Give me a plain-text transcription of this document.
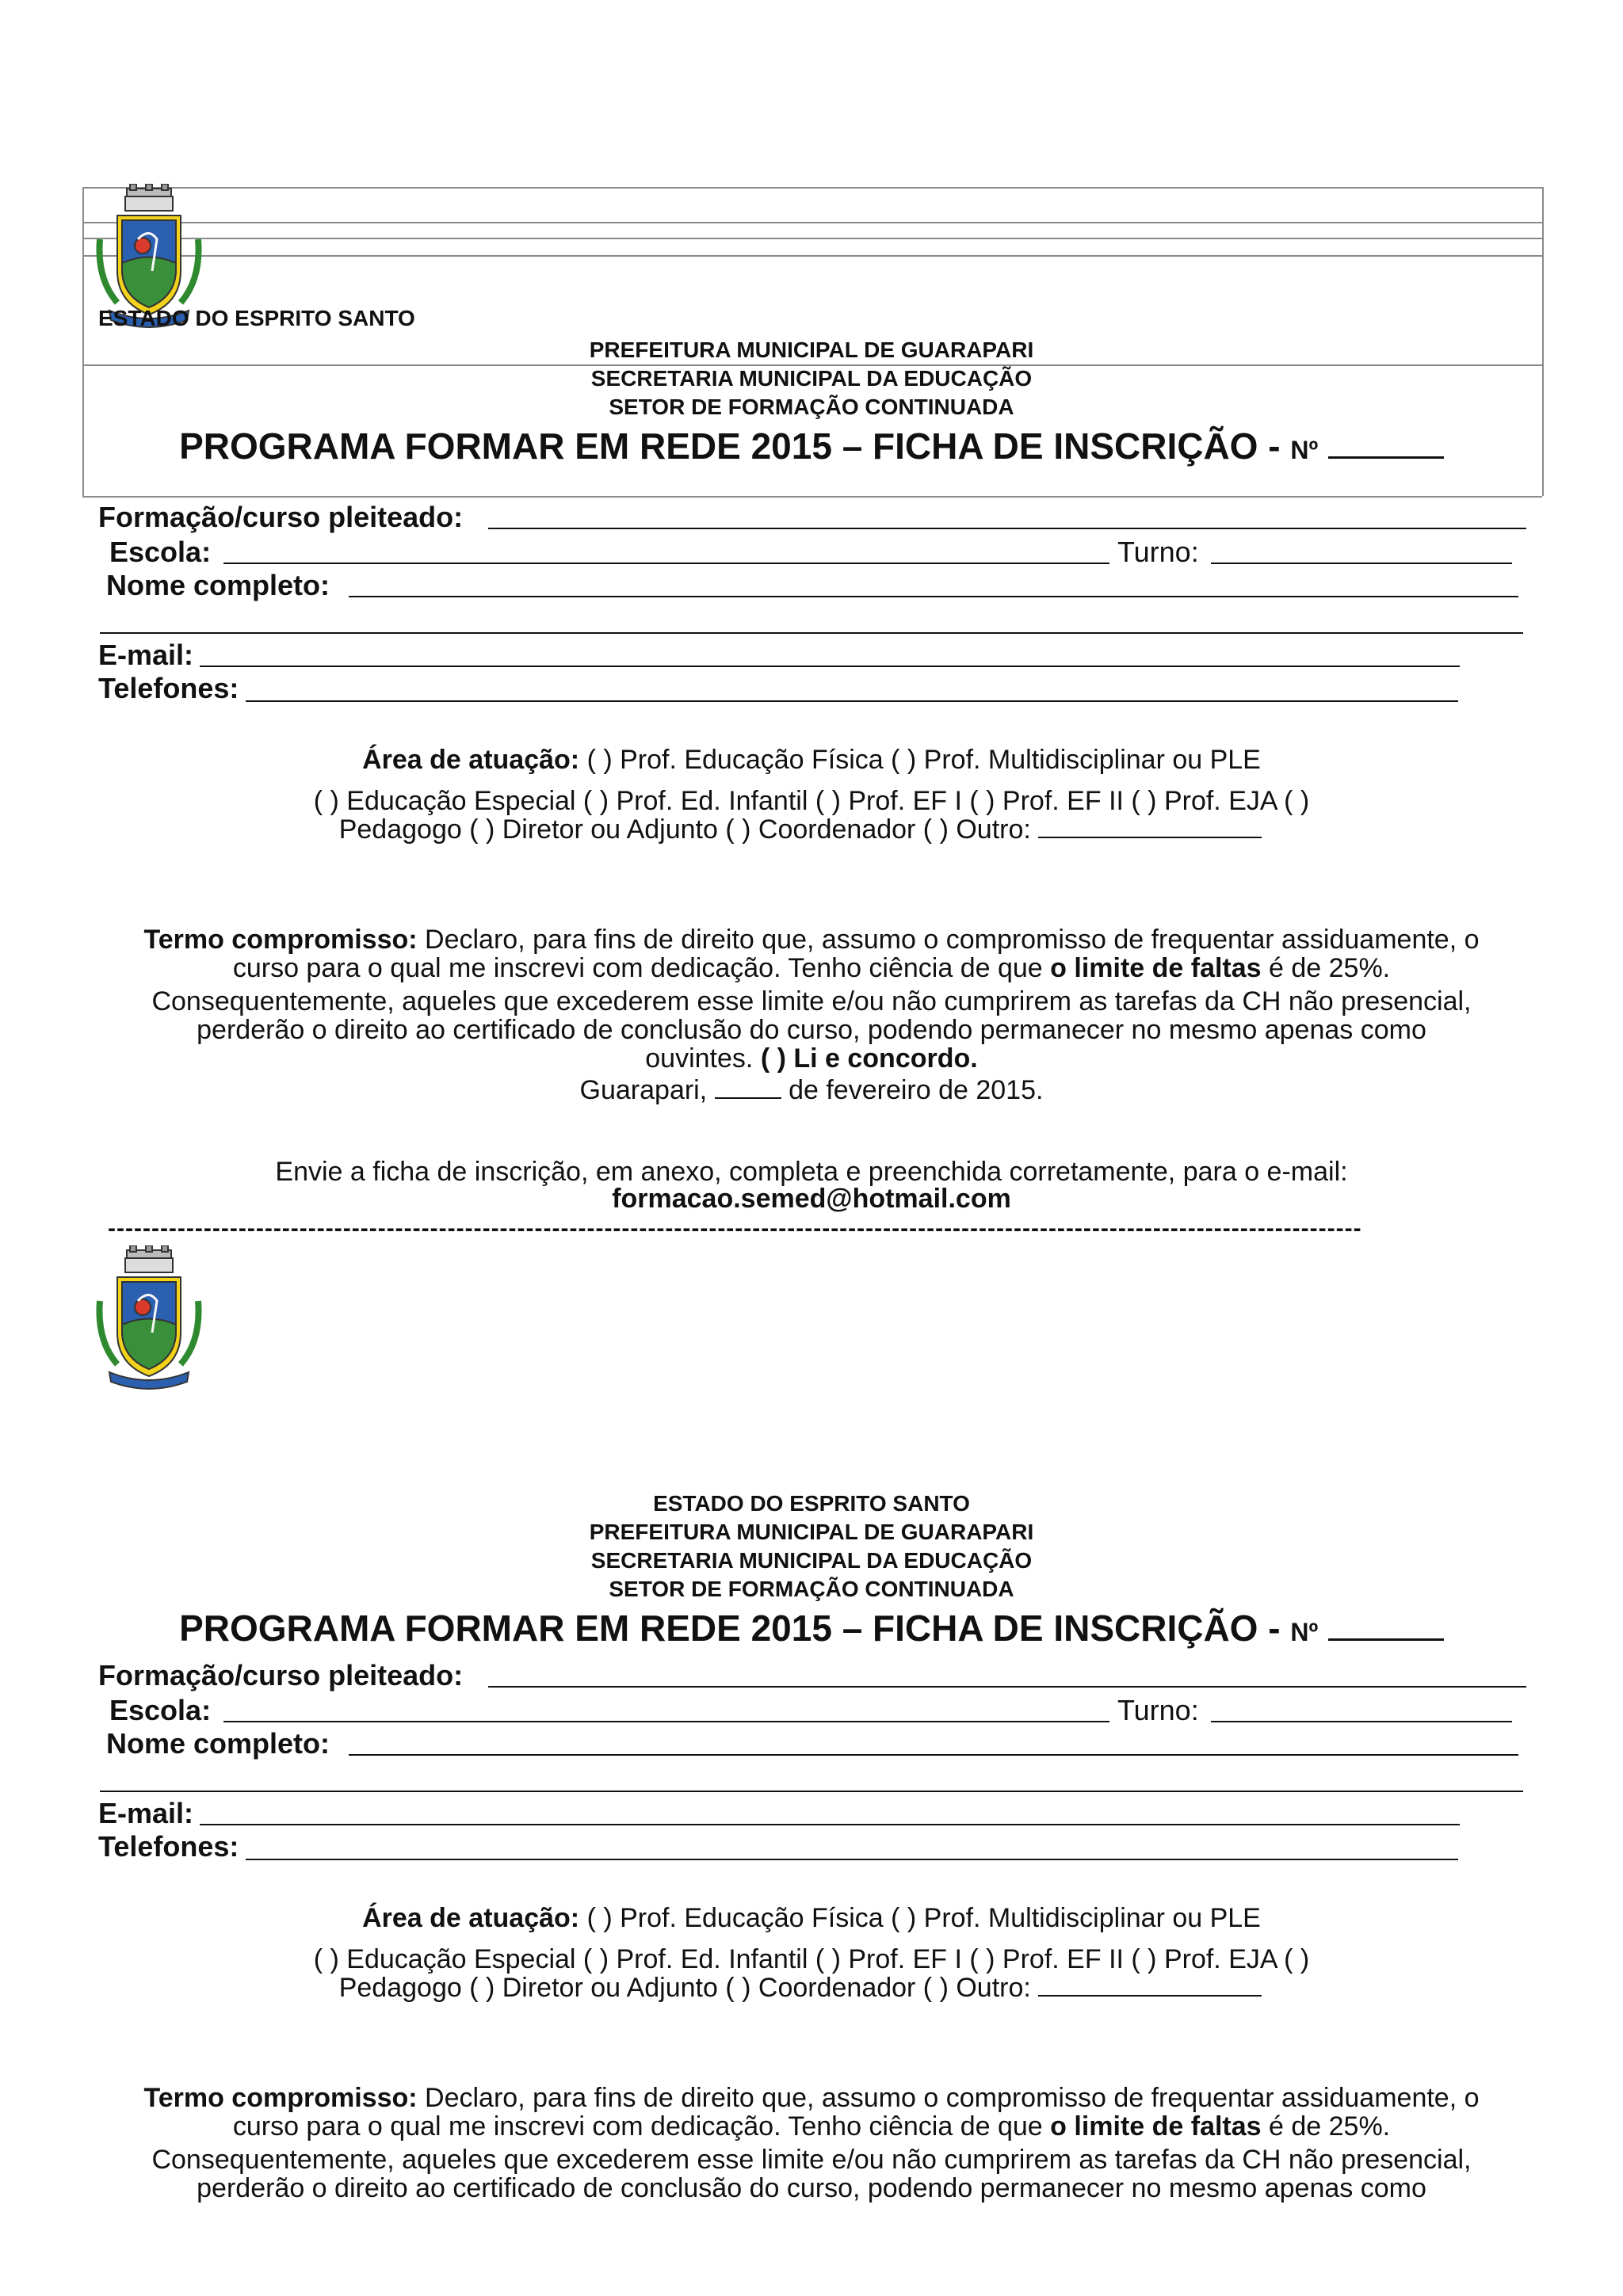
ESTADO DO ESPRITO SANTO
PREFEITURA MUNICIPAL DE GUARAPARI
SECRETARIA MUNICIPAL DA EDUCAÇÃO
SETOR DE FORMAÇÃO CONTINUADA
PROGRAMA FORMAR EM REDE 2015 – FICHA DE INSCRIÇÃO - Nº
Formação/curso pleiteado:
Escola:	Turno:
Nome completo:
E-mail:
Telefones:
Área de atuação: ( ) Prof. Educação Física ( ) Prof. Multidisciplinar ou PLE
( ) Educação Especial ( ) Prof. Ed. Infantil ( ) Prof. EF I ( ) Prof. EF II ( ) Prof. EJA ( )
Pedagogo ( ) Diretor ou Adjunto ( ) Coordenador ( ) Outro:
Termo compromisso: Declaro, para fins de direito que, assumo o compromisso de frequentar assiduamente, o
curso para o qual me inscrevi com dedicação. Tenho ciência de que o limite de faltas é de 25%.
Consequentemente, aqueles que excederem esse limite e/ou não cumprirem as tarefas da CH não presencial,
perderão o direito ao certificado de conclusão do curso, podendo permanecer no mesmo apenas como
ouvintes. ( ) Li e concordo.
Guarapari,	de fevereiro de 2015.
Envie a ficha de inscrição, em anexo, completa e preenchida corretamente, para o e-mail:
formacao.semed@hotmail.com
------------------------------------------------------------------------------------------------------------------------------------------------
ESTADO DO ESPRITO SANTO
PREFEITURA MUNICIPAL DE GUARAPARI
SECRETARIA MUNICIPAL DA EDUCAÇÃO
SETOR DE FORMAÇÃO CONTINUADA
PROGRAMA FORMAR EM REDE 2015 – FICHA DE INSCRIÇÃO - Nº
Formação/curso pleiteado:
Escola:	Turno:
Nome completo:
E-mail:
Telefones:
Área de atuação: ( ) Prof. Educação Física ( ) Prof. Multidisciplinar ou PLE
( ) Educação Especial ( ) Prof. Ed. Infantil ( ) Prof. EF I ( ) Prof. EF II ( ) Prof. EJA ( )
Pedagogo ( ) Diretor ou Adjunto ( ) Coordenador ( ) Outro:
Termo compromisso: Declaro, para fins de direito que, assumo o compromisso de frequentar assiduamente, o
curso para o qual me inscrevi com dedicação. Tenho ciência de que o limite de faltas é de 25%.
Consequentemente, aqueles que excederem esse limite e/ou não cumprirem as tarefas da CH não presencial,
perderão o direito ao certificado de conclusão do curso, podendo permanecer no mesmo apenas como
